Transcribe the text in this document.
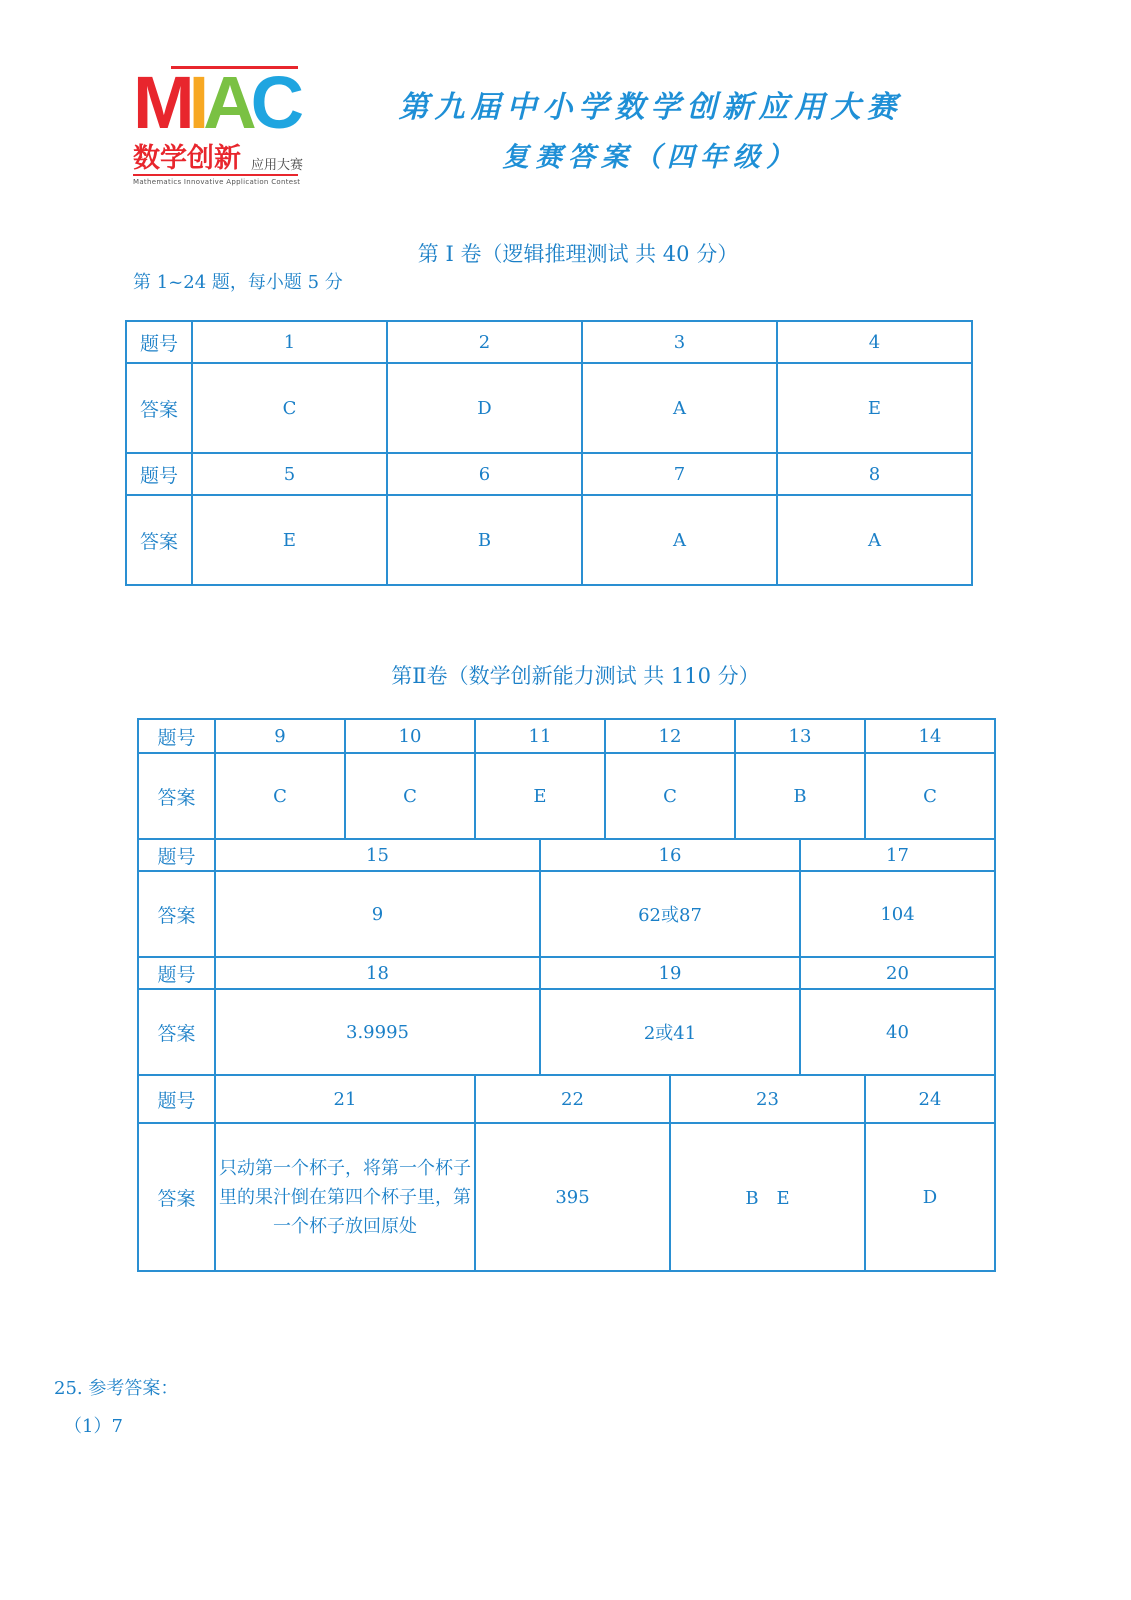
MIAC
数学创新 应用大赛
Mathematics Innovative Application Contest
第九届中小学数学创新应用大赛
复赛答案（四年级）
第 I 卷（逻辑推理测试 共 40 分）
第 1~24 题，每小题 5 分
题号	1	2	3	4
答案	C	D	A	E
题号	5	6	7	8
答案	E	B	A	A
第Ⅱ卷（数学创新能力测试 共 110 分）
题号	9	10	11		12		13		14
答案	C	C	E		C		B		C
题号	15			16				17	
答案	9			62或87				104	
题号	18			19				20	
答案	3.9995			2或41				40	
题号	21		22			23			24
答案	只动第一个杯子，将第一个杯子里的果汁倒在第四个杯子里，第一个杯子放回原处		395			B　E			D
25. 参考答案：
（1）7
